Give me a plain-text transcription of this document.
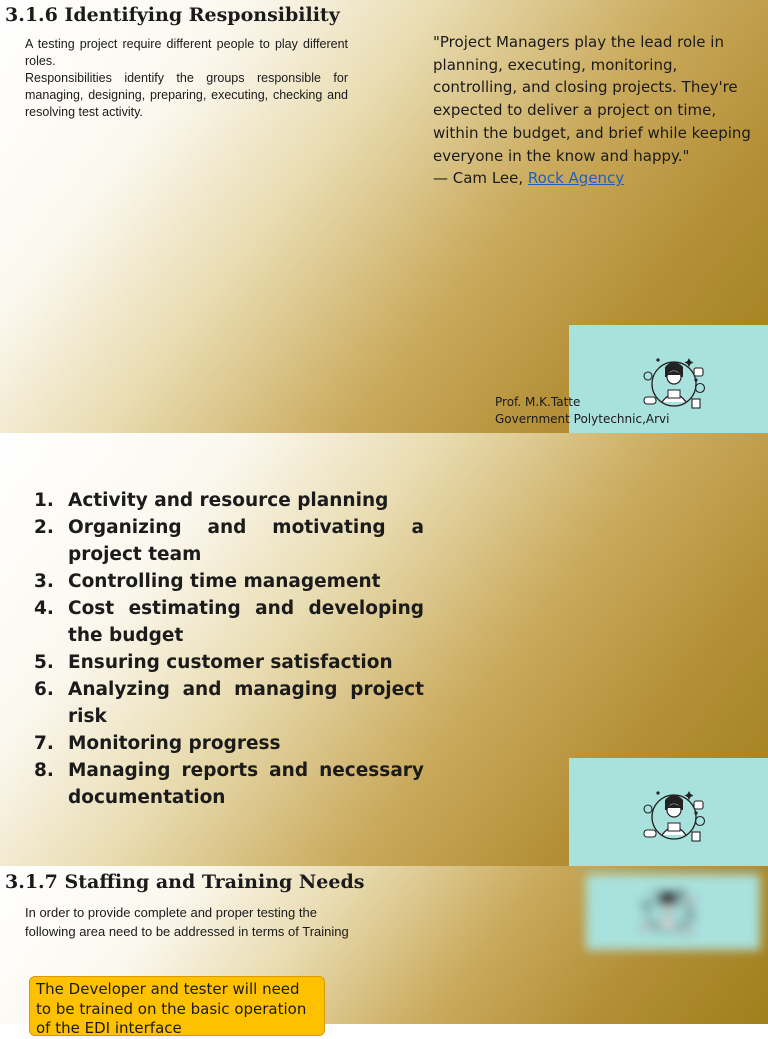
3.1.6 Identifying Responsibility

A testing project require different people to play different roles.

Responsibilities identify the groups responsible for managing, designing, preparing, executing, checking and resolving test activity.

"Project Managers play the lead role in planning, executing, monitoring, controlling, and closing projects. They're expected to deliver a project on time, within the budget, and brief while keeping everyone in the know and happy."
— Cam Lee, Rock Agency
Prof. M.K.Tatte
Government Polytechnic,Arvi
1. Activity and resource planning
2. Organizing and motivating a project team
3. Controlling time management
4. Cost estimating and developing the budget
5. Ensuring customer satisfaction
6. Analyzing and managing project risk
7. Monitoring progress
8. Managing reports and necessary documentation
3.1.7 Staffing and Training Needs
In order to provide complete and proper testing the following area need to be addressed in terms of Training
The Developer and tester will need to be trained on the basic operation of the EDI interface
